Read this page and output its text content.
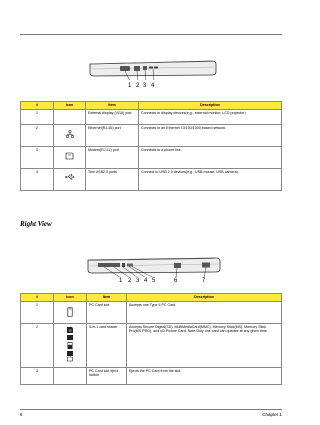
1 2 3 4
#	Icon	Item	Description
1		External display (VGA) port	Connects to display devices(e.g., external monitor, LCD projector)
2		Ethernet(RJ-45) port	Connects to an Ethernet 10/100/1000 based network.
3		Modem(RJ-11) port	Connects to a phone line.
4		Two USB2.0 ports	Connect to USB 2.0 devices(e.g., USB mouse, USB camera).
Right View
1 2 3 4 5	6	7
#	Icon	Item	Description
1		PC Card slot	Accepts one Type II PC Card.
2	SD	5-in-1 card reader	Accepts Secure Digital(SD), MultiMediaCard(MMC), Memory Stick(MS), Memory Stick Pro(MS PRO), and xD-Picture Card. Note:Only one card can operate at any given time.
3		PC Card slot eject button	Ejects the PC Card from the slot.
6	Chapter 1
